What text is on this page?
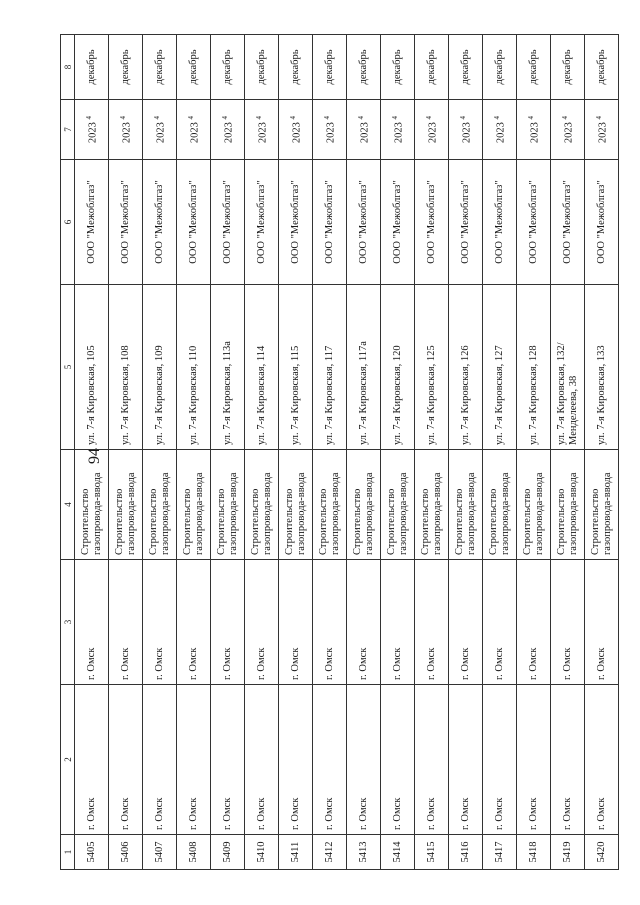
94
1	2	3	4	5	6	7	8
5405	г. Омск	г. Омск	Строительство газопровода-ввода	ул. 7-я Кировская, 105	ООО "Межоблгаз"	2023 $^4$	декабрь
5406	г. Омск	г. Омск	Строительство газопровода-ввода	ул. 7-я Кировская, 108	ООО "Межоблгаз"	2023 $^4$	декабрь
5407	г. Омск	г. Омск	Строительство газопровода-ввода	ул. 7-я Кировская, 109	ООО "Межоблгаз"	2023 $^4$	декабрь
5408	г. Омск	г. Омск	Строительство газопровода-ввода	ул. 7-я Кировская, 110	ООО "Межоблгаз"	2023 $^4$	декабрь
5409	г. Омск	г. Омск	Строительство газопровода-ввода	ул. 7-я Кировская, 113а	ООО "Межоблгаз"	2023 $^4$	декабрь
5410	г. Омск	г. Омск	Строительство газопровода-ввода	ул. 7-я Кировская, 114	ООО "Межоблгаз"	2023 $^4$	декабрь
5411	г. Омск	г. Омск	Строительство газопровода-ввода	ул. 7-я Кировская, 115	ООО "Межоблгаз"	2023 $^4$	декабрь
5412	г. Омск	г. Омск	Строительство газопровода-ввода	ул. 7-я Кировская, 117	ООО "Межоблгаз"	2023 $^4$	декабрь
5413	г. Омск	г. Омск	Строительство газопровода-ввода	ул. 7-я Кировская, 117а	ООО "Межоблгаз"	2023 $^4$	декабрь
5414	г. Омск	г. Омск	Строительство газопровода-ввода	ул. 7-я Кировская, 120	ООО "Межоблгаз"	2023 $^4$	декабрь
5415	г. Омск	г. Омск	Строительство газопровода-ввода	ул. 7-я Кировская, 125	ООО "Межоблгаз"	2023 $^4$	декабрь
5416	г. Омск	г. Омск	Строительство газопровода-ввода	ул. 7-я Кировская, 126	ООО "Межоблгаз"	2023 $^4$	декабрь
5417	г. Омск	г. Омск	Строительство газопровода-ввода	ул. 7-я Кировская, 127	ООО "Межоблгаз"	2023 $^4$	декабрь
5418	г. Омск	г. Омск	Строительство газопровода-ввода	ул. 7-я Кировская, 128	ООО "Межоблгаз"	2023 $^4$	декабрь
5419	г. Омск	г. Омск	Строительство газопровода-ввода	ул. 7-я Кировская, 132/ Менделеева, 38	ООО "Межоблгаз"	2023 $^4$	декабрь
5420	г. Омск	г. Омск	Строительство газопровода-ввода	ул. 7-я Кировская, 133	ООО "Межоблгаз"	2023 $^4$	декабрь
